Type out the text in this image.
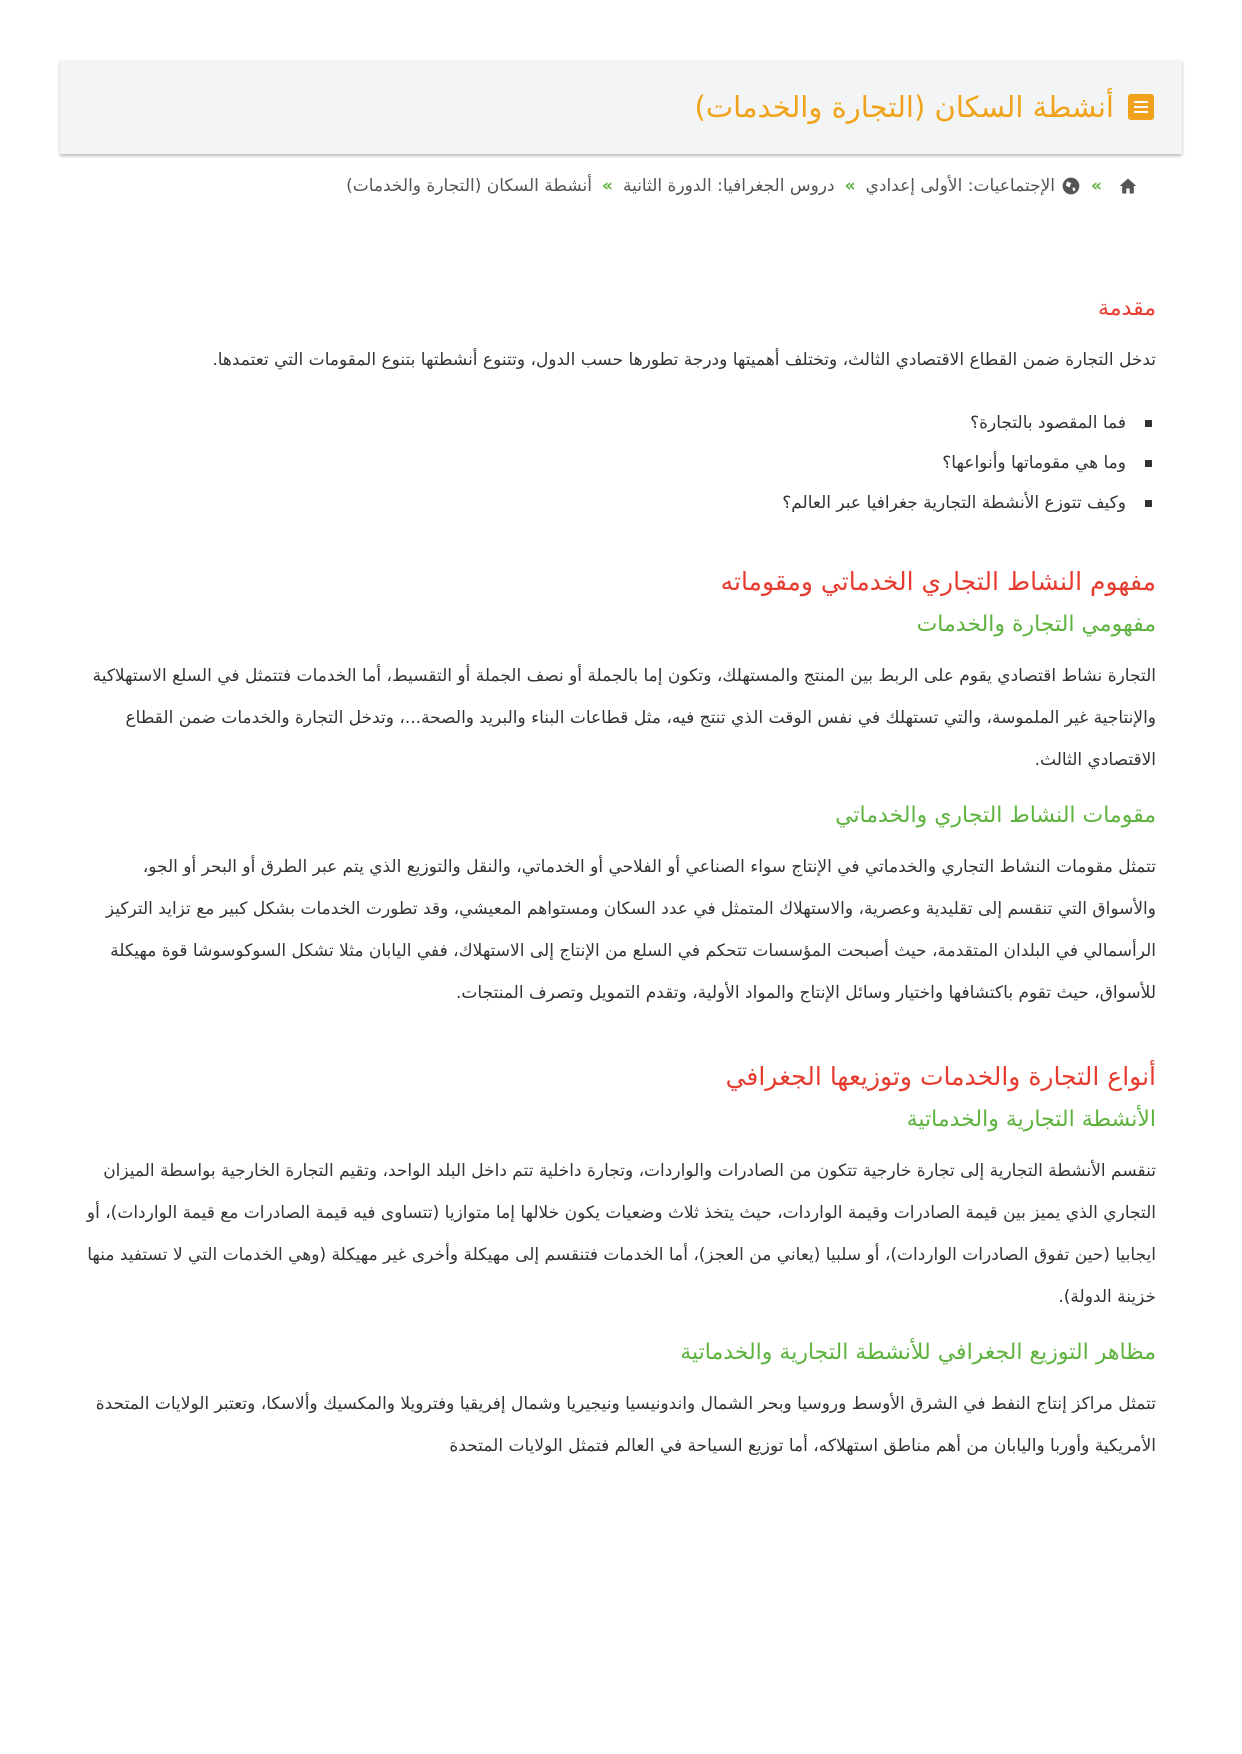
أنشطة السكان (التجارة والخدمات)
»
الإجتماعيات: الأولى إعدادي
»
دروس الجغرافيا: الدورة الثانية
»
أنشطة السكان (التجارة والخدمات)
مقدمة

تدخل التجارة ضمن القطاع الاقتصادي الثالث، وتختلف أهميتها ودرجة تطورها حسب الدول، وتتنوع أنشطتها بتنوع المقومات التي تعتمدها.

فما المقصود بالتجارة؟
وما هي مقوماتها وأنواعها؟
وكيف تتوزع الأنشطة التجارية جغرافيا عبر العالم؟
مفهوم النشاط التجاري الخدماتي ومقوماته
مفهومي التجارة والخدمات

التجارة نشاط اقتصادي يقوم على الربط بين المنتج والمستهلك، وتكون إما بالجملة أو نصف الجملة أو التقسيط، أما الخدمات فتتمثل في السلع الاستهلاكية والإنتاجية غير الملموسة، والتي تستهلك في نفس الوقت الذي تنتج فيه، مثل قطاعات البناء والبريد والصحة...، وتدخل التجارة والخدمات ضمن القطاع الاقتصادي الثالث.

مقومات النشاط التجاري والخدماتي

تتمثل مقومات النشاط التجاري والخدماتي في الإنتاج سواء الصناعي أو الفلاحي أو الخدماتي، والنقل والتوزيع الذي يتم عبر الطرق أو البحر أو الجو، والأسواق التي تنقسم إلى تقليدية وعصرية، والاستهلاك المتمثل في عدد السكان ومستواهم المعيشي، وقد تطورت الخدمات بشكل كبير مع تزايد التركيز الرأسمالي في البلدان المتقدمة، حيث أصبحت المؤسسات تتحكم في السلع من الإنتاج إلى الاستهلاك، ففي اليابان مثلا تشكل السوكوسوشا قوة مهيكلة للأسواق، حيث تقوم باكتشافها واختيار وسائل الإنتاج والمواد الأولية، وتقدم التمويل وتصرف المنتجات.

أنواع التجارة والخدمات وتوزيعها الجغرافي
الأنشطة التجارية والخدماتية

تنقسم الأنشطة التجارية إلى تجارة خارجية تتكون من الصادرات والواردات، وتجارة داخلية تتم داخل البلد الواحد، وتقيم التجارة الخارجية بواسطة الميزان التجاري الذي يميز بين قيمة الصادرات وقيمة الواردات، حيث يتخذ ثلاث وضعيات يكون خلالها إما متوازيا (تتساوى فيه قيمة الصادرات مع قيمة الواردات)، أو ايجابيا (حين تفوق الصادرات الواردات)، أو سلبيا (يعاني من العجز)، أما الخدمات فتنقسم إلى مهيكلة وأخرى غير مهيكلة (وهي الخدمات التي لا تستفيد منها خزينة الدولة).

مظاهر التوزيع الجغرافي للأنشطة التجارية والخدماتية

تتمثل مراكز إنتاج النفط في الشرق الأوسط وروسيا وبحر الشمال واندونيسيا ونيجيريا وشمال إفريقيا وفترويلا والمكسيك وألاسكا، وتعتبر الولايات المتحدة الأمريكية وأوربا واليابان من أهم مناطق استهلاكه، أما توزيع السياحة في العالم فتمثل الولايات المتحدة
